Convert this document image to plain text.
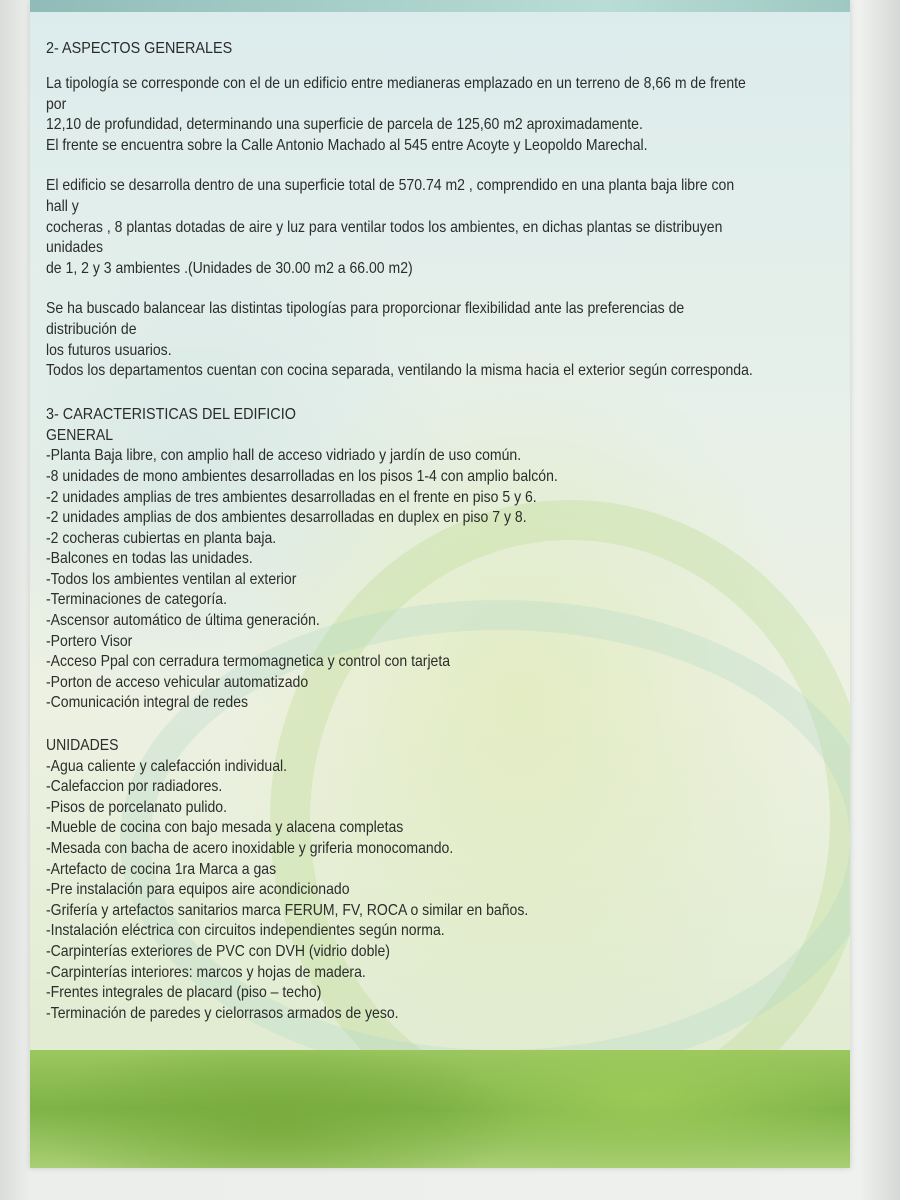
2- ASPECTOS GENERALES

La tipología se corresponde con el de un edificio entre medianeras emplazado en un terreno de 8,66 m de frente por

12,10 de profundidad, determinando una superficie de parcela de 125,60 m2 aproximadamente.

El frente se encuentra sobre la Calle Antonio Machado al 545 entre Acoyte y Leopoldo Marechal.

El edificio se desarrolla dentro de una superficie total de 570.74 m2 , comprendido en una planta baja libre con hall y

cocheras , 8 plantas dotadas de aire y luz para ventilar todos los ambientes, en dichas plantas se distribuyen unidades

de 1, 2 y 3 ambientes .(Unidades de 30.00 m2 a 66.00 m2)

Se ha buscado balancear las distintas tipologías para proporcionar flexibilidad ante las preferencias de distribución de

los futuros usuarios.

Todos los departamentos cuentan con cocina separada, ventilando la misma hacia el exterior según corresponda.

3- CARACTERISTICAS DEL EDIFICIO

GENERAL

-Planta Baja libre, con amplio hall de acceso vidriado y jardín de uso común.

-8 unidades de mono ambientes desarrolladas en los pisos 1-4 con amplio balcón.

-2 unidades amplias de tres ambientes desarrolladas en el frente en piso 5 y 6.

-2 unidades amplias de dos ambientes desarrolladas en duplex en piso 7 y 8.

-2 cocheras cubiertas en planta baja.

-Balcones en todas las unidades.

-Todos los ambientes ventilan al exterior

-Terminaciones de categoría.

-Ascensor automático de última generación.

-Portero Visor

-Acceso Ppal con cerradura termomagnetica y control con tarjeta

-Porton de acceso vehicular automatizado

-Comunicación integral de redes

UNIDADES

-Agua caliente y calefacción individual.

-Calefaccion por radiadores.

-Pisos de porcelanato pulido.

-Mueble de cocina con bajo mesada y alacena completas

-Mesada con bacha de acero inoxidable y griferia monocomando.

-Artefacto de cocina 1ra Marca a gas

-Pre instalación para equipos aire acondicionado

-Grifería y artefactos sanitarios marca FERUM, FV, ROCA o similar en baños.

-Instalación eléctrica con circuitos independientes según norma.

-Carpinterías exteriores de PVC con DVH (vidrio doble)

-Carpinterías interiores: marcos y hojas de madera.

-Frentes integrales de placard (piso – techo)

-Terminación de paredes y cielorrasos armados de yeso.
